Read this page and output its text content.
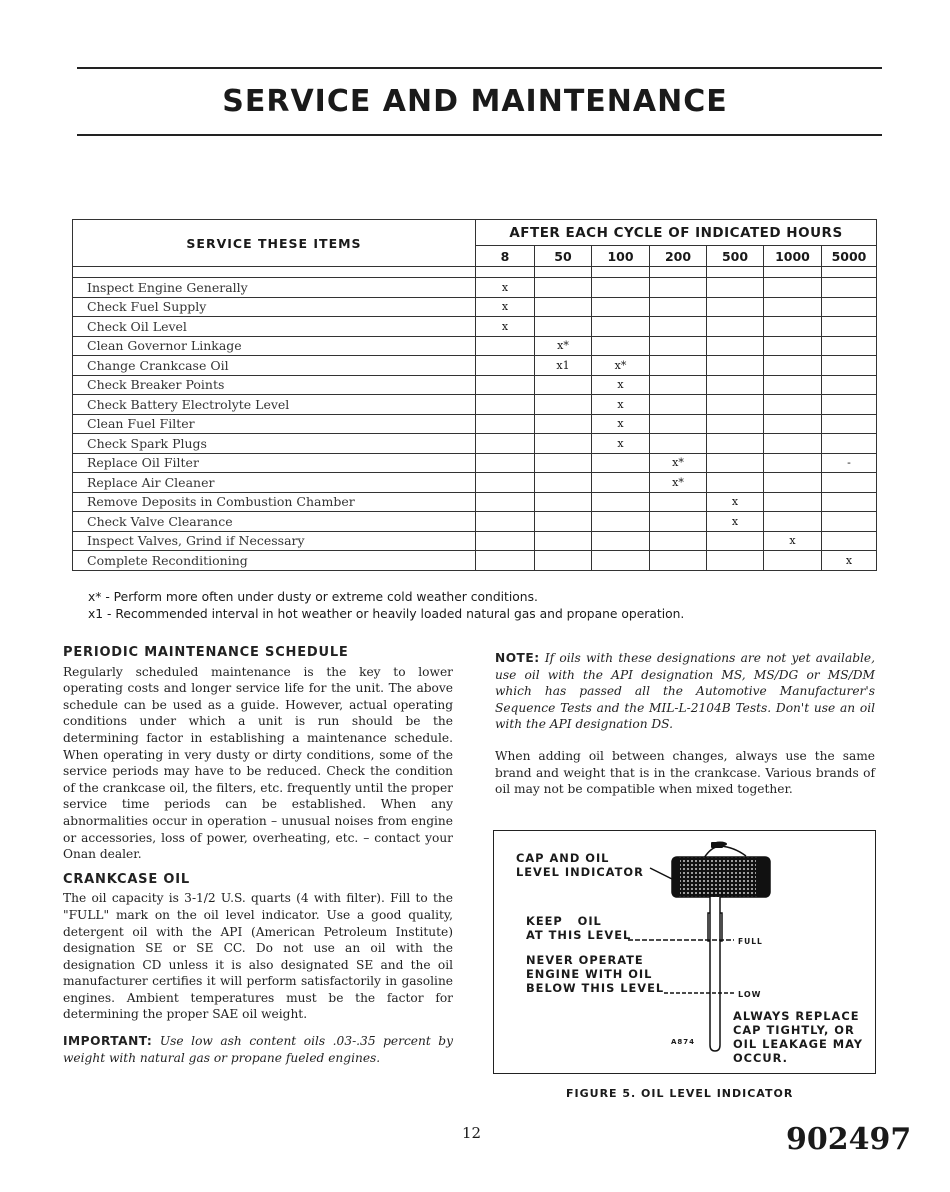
SERVICE AND MAINTENANCE
SERVICE THESE ITEMS	AFTER EACH CYCLE OF INDICATED HOURS						
	8	50	100	200	500	1000	5000

Inspect Engine Generally	x						
Check Fuel Supply	x						
Check Oil Level	x						
Clean Governor Linkage		x*					
Change Crankcase Oil		x1	x*				
Check Breaker Points			x				
Check Battery Electrolyte Level			x				
Clean Fuel Filter			x				
Check Spark Plugs			x				
Replace Oil Filter				x*			-
Replace Air Cleaner				x*			
Remove Deposits in Combustion Chamber					x		
Check Valve Clearance					x		
Inspect Valves, Grind if Necessary						x	
Complete Reconditioning							x
x* - Perform more often under dusty or extreme cold weather conditions.
x1 - Recommended interval in hot weather or heavily loaded natural gas and propane operation.
PERIODIC MAINTENANCE SCHEDULE

Regularly scheduled maintenance is the key to lower operating costs and longer service life for the unit. The above schedule can be used as a guide. However, actual operating conditions under which a unit is run should be the determining factor in establishing a maintenance schedule. When operating in very dusty or dirty conditions, some of the service periods may have to be reduced. Check the condition of the crankcase oil, the filters, etc. frequently until the proper service time periods can be established. When any abnormalities occur in operation – unusual noises from engine or accessories, loss of power, overheating, etc. – contact your Onan dealer.

CRANKCASE OIL

The oil capacity is 3-1/2 U.S. quarts (4 with filter). Fill to the "FULL" mark on the oil level indicator. Use a good quality, detergent oil with the API (American Petroleum Institute) designation SE or SE CC. Do not use an oil with the designation CD unless it is also designated SE and the oil manufacturer certifies it will perform satisfactorily in gasoline engines. Ambient temperatures must be the factor for determining the proper SAE oil weight.

IMPORTANT: Use low ash content oils .03-.35 percent by weight with natural gas or propane fueled engines.

NOTE: If oils with these designations are not yet available, use oil with the API designation MS, MS/DG or MS/DM which has passed all the Automotive Manufacturer's Sequence Tests and the MIL-L-2104B Tests. Don't use an oil with the API designation DS.

When adding oil between changes, always use the same brand and weight that is in the crankcase. Various brands of oil may not be compatible when mixed together.

CAP AND OIL
LEVEL INDICATOR
KEEP   OIL
AT THIS LEVEL
NEVER OPERATE
ENGINE WITH OIL
BELOW THIS LEVEL
FULL
LOW
ALWAYS REPLACE
CAP TIGHTLY, OR
OIL LEAKAGE MAY
OCCUR.
A874
FIGURE 5. OIL LEVEL INDICATOR
12	902497
